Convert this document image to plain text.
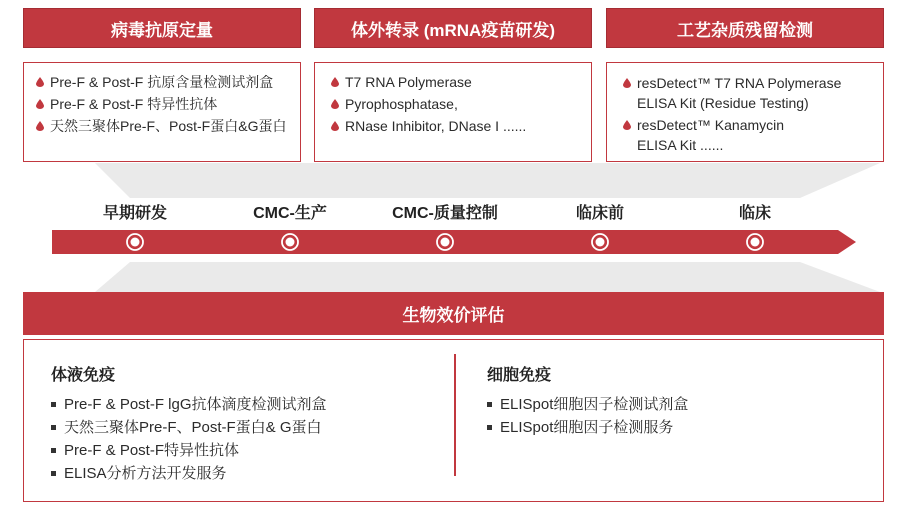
病毒抗原定量
Pre-F & Post-F 抗原含量检测试剂盒
Pre-F & Post-F 特异性抗体
天然三聚体Pre-F、Post-F蛋白&G蛋白
体外转录 (mRNA疫苗研发)
T7 RNA Polymerase
Pyrophosphatase,
RNase Inhibitor, DNase I ......
工艺杂质残留检测
resDetect™ T7 RNA Polymerase
ELISA Kit (Residue Testing)
resDetect™ Kanamycin
ELISA Kit ......
早期研发	CMC-生产	CMC-质量控制	临床前	临床
生物效价评估
体液免疫
Pre-F & Post-F lgG抗体滴度检测试剂盒
天然三聚体Pre-F、Post-F蛋白& G蛋白
Pre-F & Post-F特异性抗体
ELISA分析方法开发服务
细胞免疫
ELISpot细胞因子检测试剂盒
ELISpot细胞因子检测服务
